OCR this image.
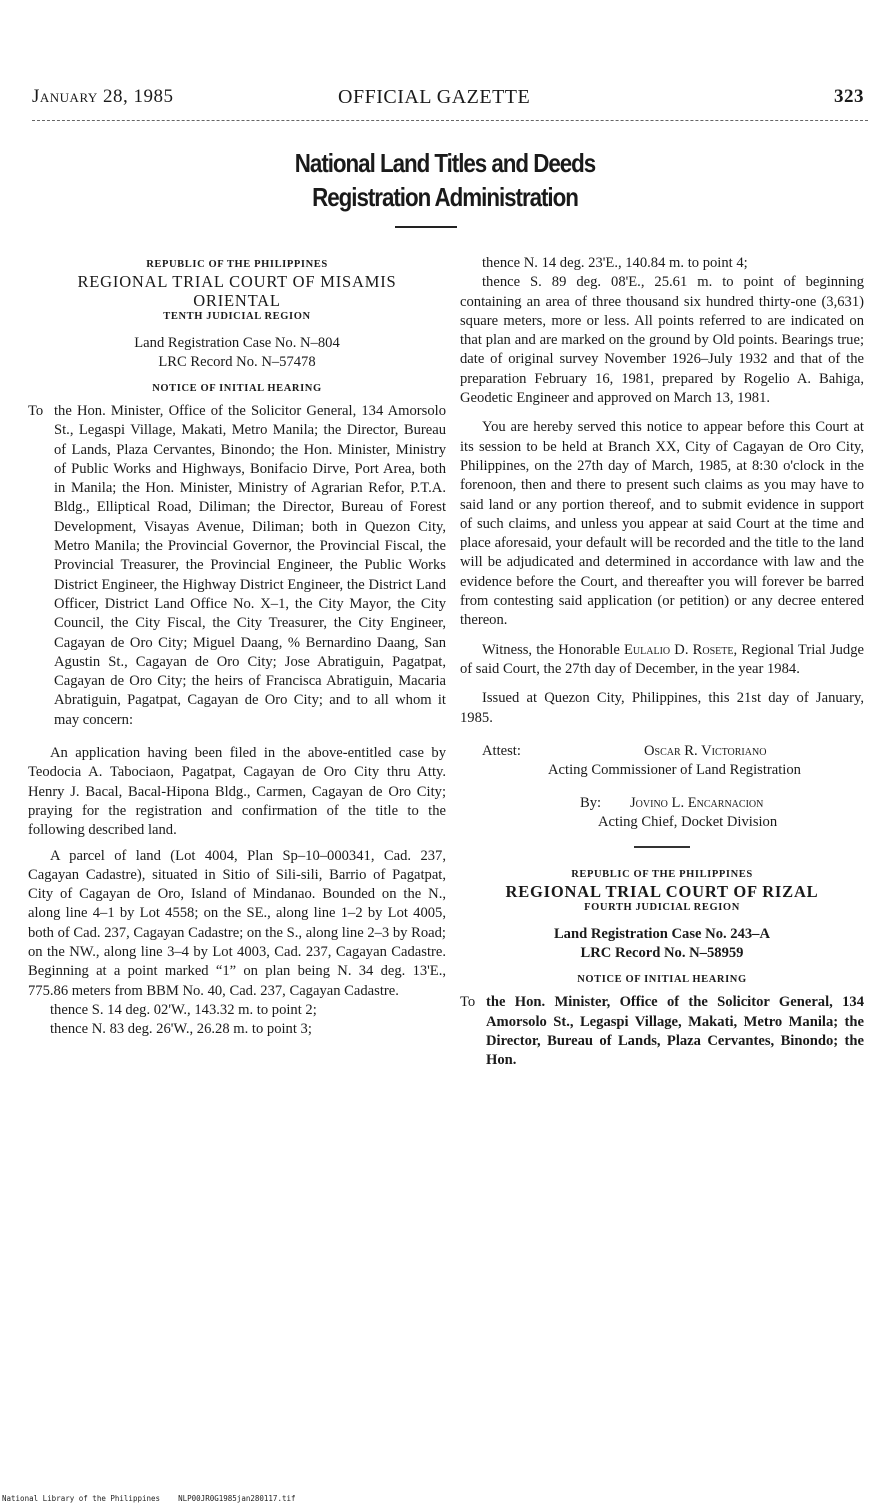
January 28, 1985	OFFICIAL GAZETTE	323
National Land Titles and Deeds
Registration Administration
REPUBLIC OF THE PHILIPPINES
REGIONAL TRIAL COURT OF MISAMIS
ORIENTAL
TENTH JUDICIAL REGION
Land Registration Case No. N–804
LRC Record No. N–57478
NOTICE OF INITIAL HEARING

To the Hon. Minister, Office of the Solicitor General, 134 Amorsolo St., Legaspi Village, Makati, Metro Manila; the Director, Bureau of Lands, Plaza Cervantes, Binondo; the Hon. Minister, Ministry of Public Works and Highways, Bonifacio Dirve, Port Area, both in Manila; the Hon. Minister, Ministry of Agrarian Refor, P.T.A. Bldg., Elliptical Road, Diliman; the Director, Bureau of Forest Development, Visayas Avenue, Diliman; both in Quezon City, Metro Manila; the Provincial Governor, the Provincial Fiscal, the Provincial Treasurer, the Provincial Engineer, the Public Works District Engineer, the Highway District Engineer, the District Land Officer, District Land Office No. X–1, the City Mayor, the City Council, the City Fiscal, the City Treasurer, the City Engineer, Cagayan de Oro City; Miguel Daang, % Bernardino Daang, San Agustin St., Cagayan de Oro City; Jose Abratiguin, Pagatpat, Cagayan de Oro City; the heirs of Francisca Abratiguin, Macaria Abratiguin, Pagatpat, Cagayan de Oro City; and to all whom it may concern:

An application having been filed in the above-entitled case by Teodocia A. Tabociaon, Pagatpat, Cagayan de Oro City thru Atty. Henry J. Bacal, Bacal-Hipona Bldg., Carmen, Cagayan de Oro City; praying for the registration and confirmation of the title to the following described land.

A parcel of land (Lot 4004, Plan Sp–10–000341, Cad. 237, Cagayan Cadastre), situated in Sitio of Sili-sili, Barrio of Pagatpat, City of Cagayan de Oro, Island of Mindanao. Bounded on the N., along line 4–1 by Lot 4558; on the SE., along line 1–2 by Lot 4005, both of Cad. 237, Cagayan Cadastre; on the S., along line 2–3 by Road; on the NW., along line 3–4 by Lot 4003, Cad. 237, Cagayan Cadastre. Beginning at a point marked “1” on plan being N. 34 deg. 13'E., 775.86 meters from BBM No. 40, Cad. 237, Cagayan Cadastre.

thence S. 14 deg. 02'W., 143.32 m. to point 2;

thence N. 83 deg. 26'W., 26.28 m. to point 3;

thence N. 14 deg. 23'E., 140.84 m. to point 4;

thence S. 89 deg. 08'E., 25.61 m. to point of beginning containing an area of three thousand six hundred thirty-one (3,631) square meters, more or less. All points referred to are indicated on that plan and are marked on the ground by Old points. Bearings true; date of original survey November 1926–July 1932 and that of the preparation February 16, 1981, prepared by Rogelio A. Bahiga, Geodetic Engineer and approved on March 13, 1981.

You are hereby served this notice to appear before this Court at its session to be held at Branch XX, City of Cagayan de Oro City, Philippines, on the 27th day of March, 1985, at 8:30 o'clock in the forenoon, then and there to present such claims as you may have to said land or any portion thereof, and to submit evidence in support of such claims, and unless you appear at said Court at the time and place aforesaid, your default will be recorded and the title to the land will be adjudicated and determined in accordance with law and the evidence before the Court, and thereafter you will forever be barred from contesting said application (or petition) or any decree entered thereon.

Witness, the Honorable Eulalio D. Rosete, Regional Trial Judge of said Court, the 27th day of December, in the year 1984.

Issued at Quezon City, Philippines, this 21st day of January, 1985.

Attest:	Oscar R. Victoriano

Acting Commissioner of Land Registration

By: Jovino L. Encarnacion

Acting Chief, Docket Division

REPUBLIC OF THE PHILIPPINES
REGIONAL TRIAL COURT OF RIZAL
FOURTH JUDICIAL REGION
Land Registration Case No. 243–A
LRC Record No. N–58959
NOTICE OF INITIAL HEARING

To the Hon. Minister, Office of the Solicitor General, 134 Amorsolo St., Legaspi Village, Makati, Metro Manila; the Director, Bureau of Lands, Plaza Cervantes, Binondo; the Hon.

National Library of the Philippines NLP00JR0G1985jan280117.tif
